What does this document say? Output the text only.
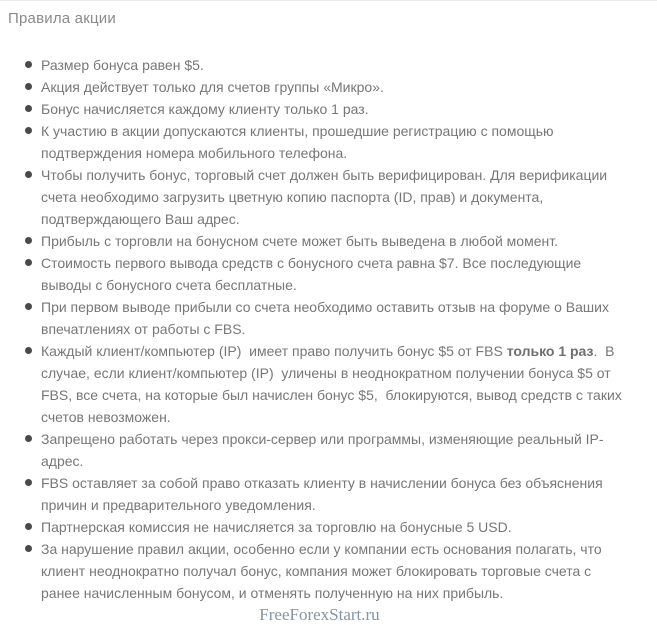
Правила акции
Размер бонуса равен $5.
Акция действует только для счетов группы «Микро».
Бонус начисляется каждому клиенту только 1 раз.
К участию в акции допускаются клиенты, прошедшие регистрацию с помощью подтверждения номера мобильного телефона.
Чтобы получить бонус, торговый счет должен быть верифицирован. Для верификации счета необходимо загрузить цветную копию паспорта (ID, прав) и документа, подтверждающего Ваш адрес.
Прибыль с торговли на бонусном счете может быть выведена в любой момент.
Стоимость первого вывода средств с бонусного счета равна $7. Все последующие выводы с бонусного счета бесплатные.
При первом выводе прибыли со счета необходимо оставить отзыв на форуме о Ваших впечатлениях от работы с FBS.
Каждый клиент/компьютер (IP)  имеет право получить бонус $5 от FBS только 1 раз.  В случае, если клиент/компьютер (IP)  уличены в неоднократном получении бонуса $5 от FBS, все счета, на которые был начислен бонус $5,  блокируются, вывод средств с таких счетов невозможен.
Запрещено работать через прокси-сервер или программы, изменяющие реальный IP-адрес.
FBS оставляет за собой право отказать клиенту в начислении бонуса без объяснения причин и предварительного уведомления.
Партнерская комиссия не начисляется за торговлю на бонусные 5 USD.
За нарушение правил акции, особенно если у компании есть основания полагать, что клиент неоднократно получал бонус, компания может блокировать торговые счета с ранее начисленным бонусом, и отменять полученную на них прибыль.
FreeForexStart.ru
